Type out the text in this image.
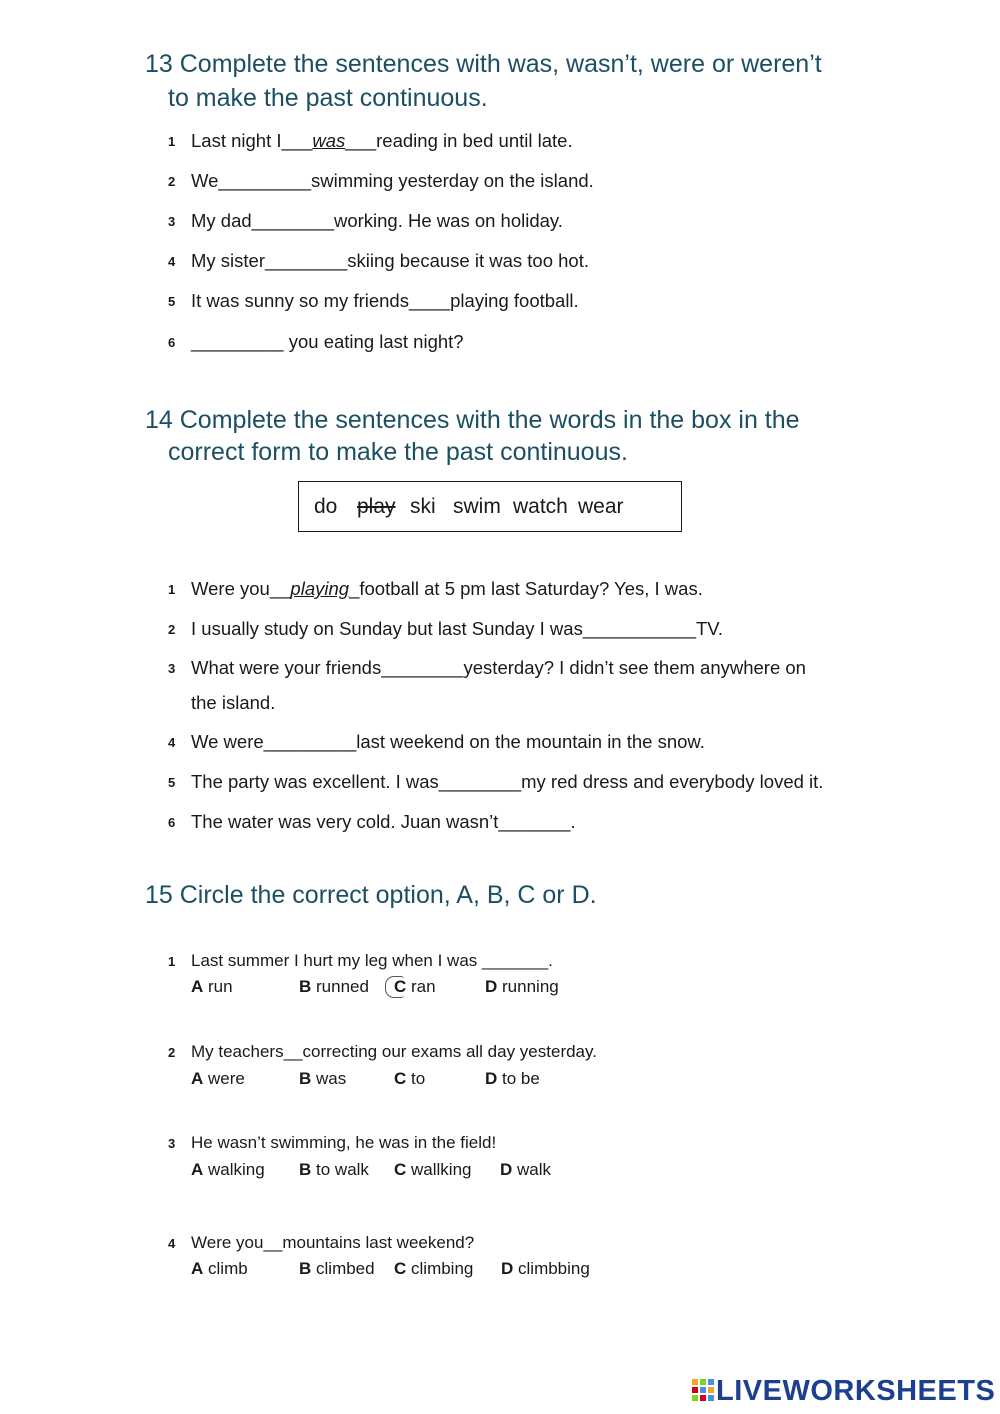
13 Complete the sentences with was, wasn’t, were or weren’t
to make the past continuous.
1 Last night I___was___reading in bed until late.
2 We_________swimming yesterday on the island.
3 My dad________working. He was on holiday.
4 My sister________skiing because it was too hot.
5 It was sunny so my friends____playing football.
6 _________ you eating last night?
14 Complete the sentences with the words in the box in the
correct form to make the past continuous.
do play ski swim watch wear
1 Were you__playing_football at 5 pm last Saturday? Yes, I was.
2 I usually study on Sunday but last Sunday I was___________TV.
3 What were your friends________yesterday? I didn’t see them anywhere on
the island.
4 We were_________last weekend on the mountain in the snow.
5 The party was excellent. I was________my red dress and everybody loved it.
6 The water was very cold. Juan wasn’t_______.
15 Circle the correct option, A, B, C or D.
1 Last summer I hurt my leg when I was _______.
A run	B runned C ran	D running
2 My teachers__correcting our exams all day yesterday.
A were	B was	C to	D to be
3 He wasn’t swimming, he was in the field!
A walking B to walk C wallking D walk
4 Were you__mountains last weekend?
A climb	B climbed C climbing D climbbing
LIVEWORKSHEETS
